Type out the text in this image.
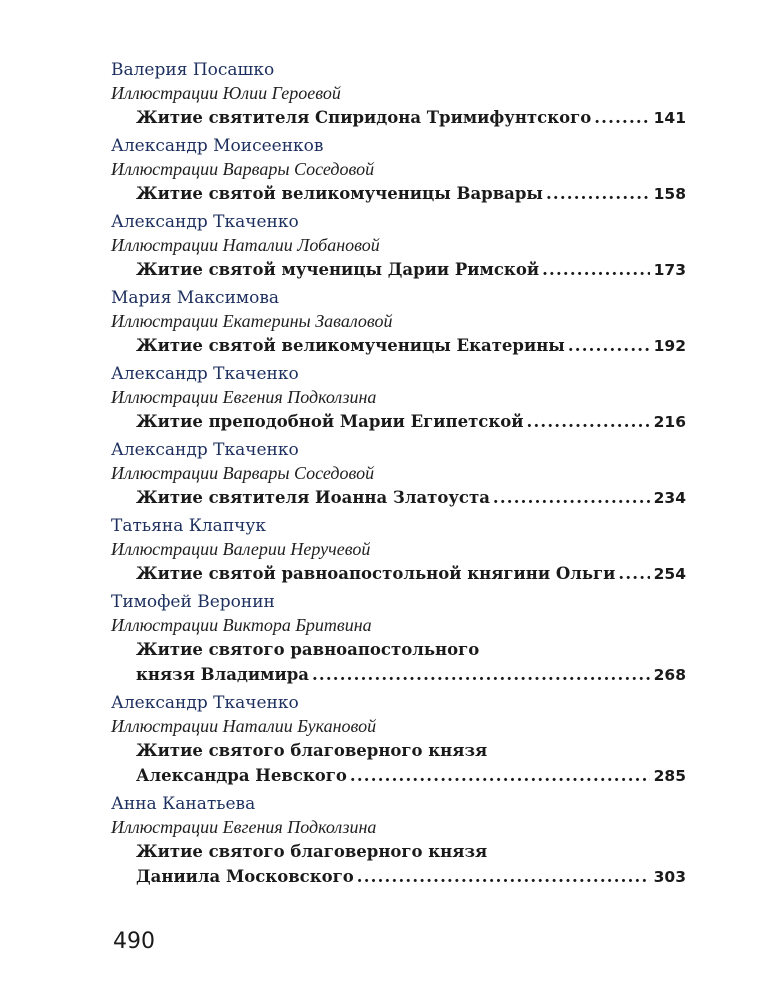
Валерия Посашко
Иллюстрации Юлии Героевой
Житие святителя Спиридона Тримифунтского .....	141
Александр Моисеенков
Иллюстрации Варвары Соседовой
Житие святой великомученицы Варвары .....	158
Александр Ткаченко
Иллюстрации Наталии Лобановой
Житие святой мученицы Дарии Римской .....	173
Мария Максимова
Иллюстрации Екатерины Заваловой
Житие святой великомученицы Екатерины .....	192
Александр Ткаченко
Иллюстрации Евгения Подколзина
Житие преподобной Марии Египетской .....	216
Александр Ткаченко
Иллюстрации Варвары Соседовой
Житие святителя Иоанна Златоуста .....	234
Татьяна Клапчук
Иллюстрации Валерии Неручевой
Житие святой равноапостольной княгини Ольги ..... 254
Тимофей Веронин
Иллюстрации Виктора Бритвина
Житие святого равноапостольного
князя Владимира .....	268
Александр Ткаченко
Иллюстрации Наталии Букановой
Житие святого благоверного князя
Александра Невского .....	285
Анна Канатьева
Иллюстрации Евгения Подколзина
Житие святого благоверного князя
Даниила Московского .....	303
490
